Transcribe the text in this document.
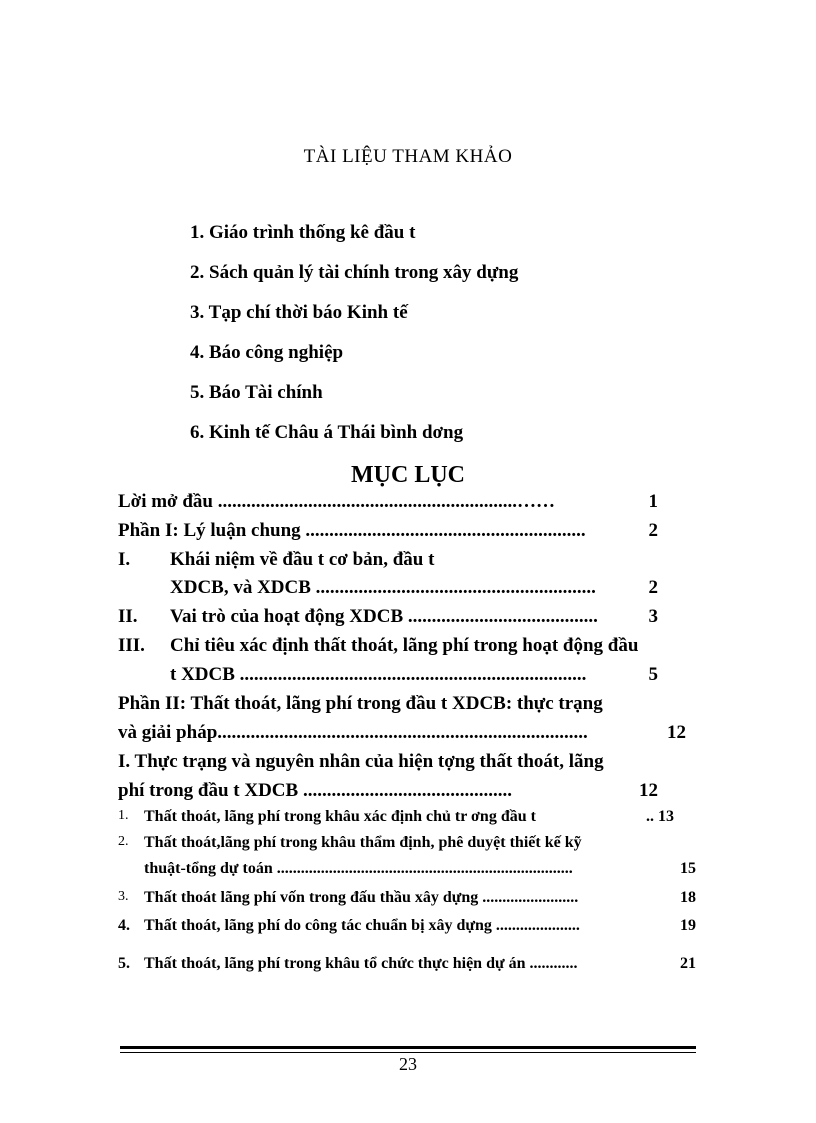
TÀI LIỆU THAM KHẢO
1. Giáo trình thống kê đầu t
2. Sách quản lý tài chính trong xây dựng
3. Tạp chí thời báo Kinh tế
4. Báo công nghiệp
5. Báo Tài chính
6. Kinh tế Châu á Thái bình dơng
MỤC LỤC
Lời mở đầu ...............................................................……	1
Phần I: Lý luận chung ...........................................................	2
I. Khái niệm về đầu t cơ bản, đầu t
XDCB, và XDCB ...........................................................	2
II. Vai trò của hoạt động XDCB ........................................	3
III. Chỉ tiêu xác định thất thoát, lãng phí trong hoạt động đầu
t XDCB .........................................................................	5
Phần II: Thất thoát, lãng phí trong đầu t XDCB: thực trạng
và giải pháp..............................................................................	12
I. Thực trạng và nguyên nhân của hiện tợng thất thoát, lãng
phí trong đầu t XDCB ............................................	12
1. Thất thoát, lãng phí trong khâu xác định chủ tr ơng đầu t	.. 13
2. Thất thoát,lãng phí trong khâu thẩm định, phê duyệt thiết kế kỹ
thuật-tổng dự toán ..........................................................................	15
3. Thất thoát lãng phí vốn trong đấu thầu xây dựng ........................	18
4. Thất thoát, lãng phí do công tác chuẩn bị xây dựng .....................	19
5. Thất thoát, lãng phí trong khâu tổ chức thực hiện dự án ............	21
23
